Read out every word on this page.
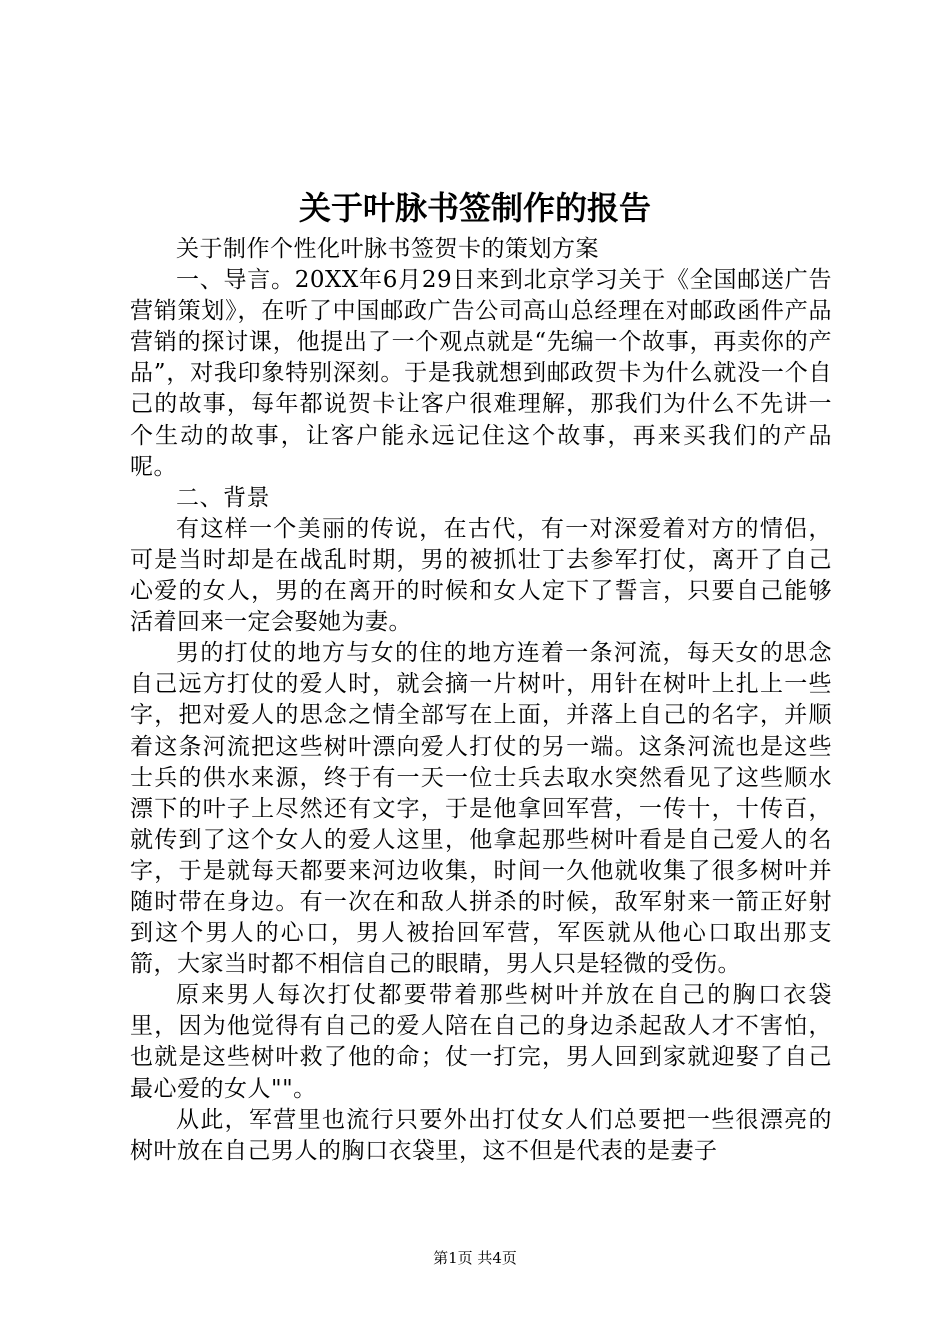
关于叶脉书签制作的报告

关于制作个性化叶脉书签贺卡的策划方案

一、导言。20XX年6月29日来到北京学习关于《全国邮送广告营销策划》，在听了中国邮政广告公司高山总经理在对邮政函件产品营销的探讨课，他提出了一个观点就是“先编一个故事，再卖你的产品”，对我印象特别深刻。于是我就想到邮政贺卡为什么就没一个自己的故事，每年都说贺卡让客户很难理解，那我们为什么不先讲一个生动的故事，让客户能永远记住这个故事，再来买我们的产品呢。

二、背景

有这样一个美丽的传说，在古代，有一对深爱着对方的情侣，可是当时却是在战乱时期，男的被抓壮丁去参军打仗，离开了自己心爱的女人，男的在离开的时候和女人定下了誓言，只要自己能够活着回来一定会娶她为妻。

男的打仗的地方与女的住的地方连着一条河流，每天女的思念自己远方打仗的爱人时，就会摘一片树叶，用针在树叶上扎上一些字，把对爱人的思念之情全部写在上面，并落上自己的名字，并顺着这条河流把这些树叶漂向爱人打仗的另一端。这条河流也是这些士兵的供水来源，终于有一天一位士兵去取水突然看见了这些顺水漂下的叶子上尽然还有文字，于是他拿回军营，一传十，十传百，就传到了这个女人的爱人这里，他拿起那些树叶看是自己爱人的名字，于是就每天都要来河边收集，时间一久他就收集了很多树叶并随时带在身边。有一次在和敌人拼杀的时候，敌军射来一箭正好射到这个男人的心口，男人被抬回军营，军医就从他心口取出那支箭，大家当时都不相信自己的眼睛，男人只是轻微的受伤。

原来男人每次打仗都要带着那些树叶并放在自己的胸口衣袋里，因为他觉得有自己的爱人陪在自己的身边杀起敌人才不害怕，也就是这些树叶救了他的命；仗一打完，男人回到家就迎娶了自己最心爱的女人""。

从此，军营里也流行只要外出打仗女人们总要把一些很漂亮的树叶放在自己男人的胸口衣袋里，这不但是代表的是妻子

第1页 共4页
